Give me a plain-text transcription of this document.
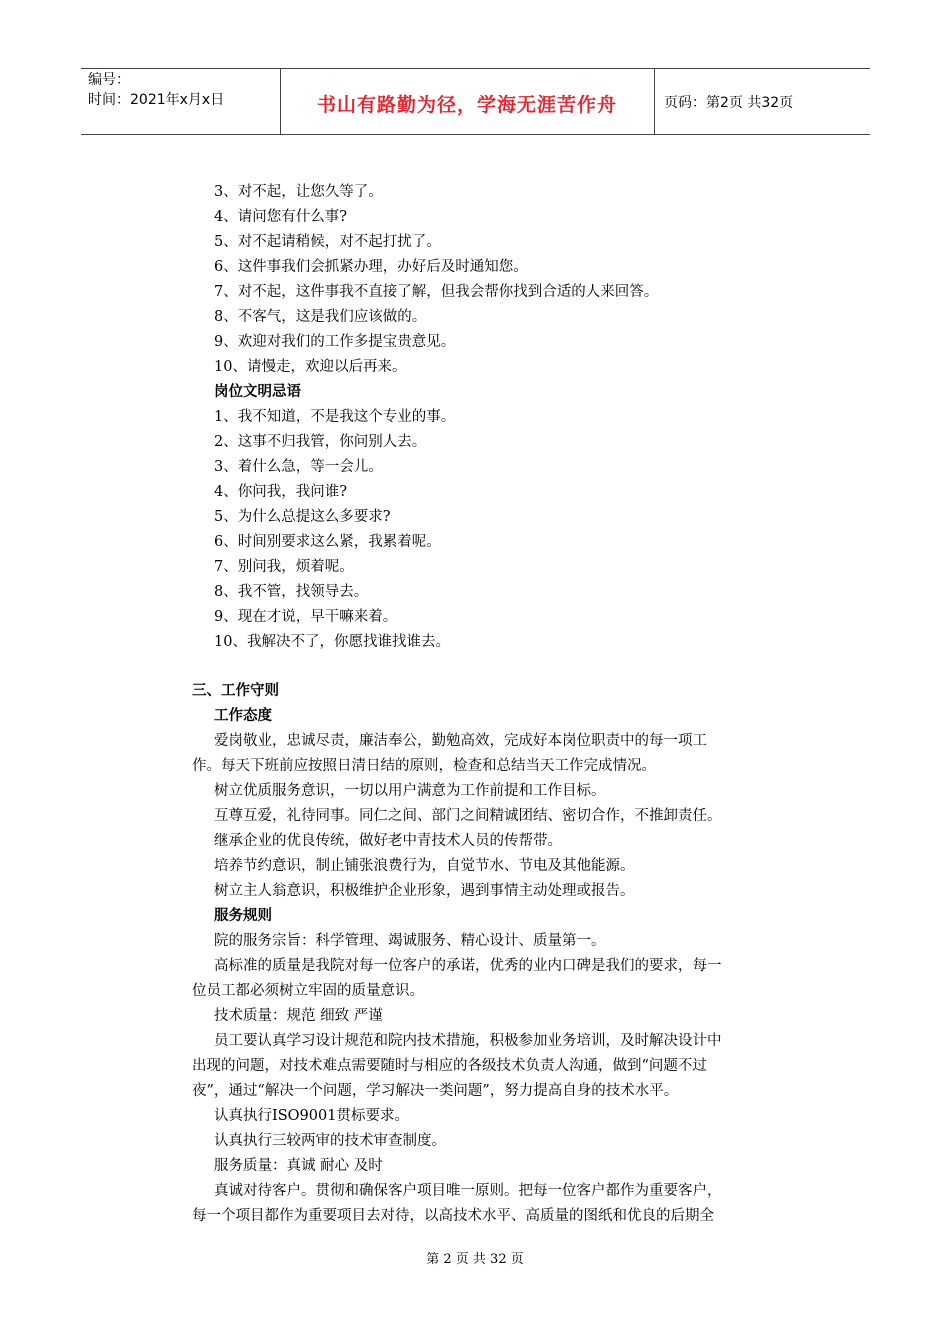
编号：
时间：2021年x月x日	书山有路勤为径，学海无涯苦作舟	页码：第2页 共32页
3、对不起，让您久等了。
4、请问您有什么事?
5、对不起请稍候，对不起打扰了。
6、这件事我们会抓紧办理，办好后及时通知您。
7、对不起，这件事我不直接了解，但我会帮你找到合适的人来回答。
8、不客气，这是我们应该做的。
9、欢迎对我们的工作多提宝贵意见。
10、请慢走，欢迎以后再来。
岗位文明忌语
1、我不知道，不是我这个专业的事。
2、这事不归我管，你问别人去。
3、着什么急，等一会儿。
4、你问我，我问谁?
5、为什么总提这么多要求?
6、时间别要求这么紧，我累着呢。
7、别问我，烦着呢。
8、我不管，找领导去。
9、现在才说，早干嘛来着。
10、我解决不了，你愿找谁找谁去。
三、工作守则
工作态度
爱岗敬业，忠诚尽责，廉洁奉公，勤勉高效，完成好本岗位职责中的每一项工
作。每天下班前应按照日清日结的原则，检查和总结当天工作完成情况。
树立优质服务意识，一切以用户满意为工作前提和工作目标。
互尊互爱，礼待同事。同仁之间、部门之间精诚团结、密切合作，不推卸责任。
继承企业的优良传统，做好老中青技术人员的传帮带。
培养节约意识，制止铺张浪费行为，自觉节水、节电及其他能源。
树立主人翁意识，积极维护企业形象，遇到事情主动处理或报告。
服务规则
院的服务宗旨：科学管理、竭诚服务、精心设计、质量第一。
高标准的质量是我院对每一位客户的承诺，优秀的业内口碑是我们的要求，每一
位员工都必须树立牢固的质量意识。
技术质量：规范 细致 严谨
员工要认真学习设计规范和院内技术措施，积极参加业务培训，及时解决设计中
出现的问题，对技术难点需要随时与相应的各级技术负责人沟通，做到“问题不过
夜”，通过“解决一个问题，学习解决一类问题”，努力提高自身的技术水平。
认真执行ISO9001贯标要求。
认真执行三较两审的技术审查制度。
服务质量：真诚 耐心 及时
真诚对待客户。贯彻和确保客户项目唯一原则。把每一位客户都作为重要客户，
每一个项目都作为重要项目去对待，以高技术水平、高质量的图纸和优良的后期全
第 2 页 共 32 页
